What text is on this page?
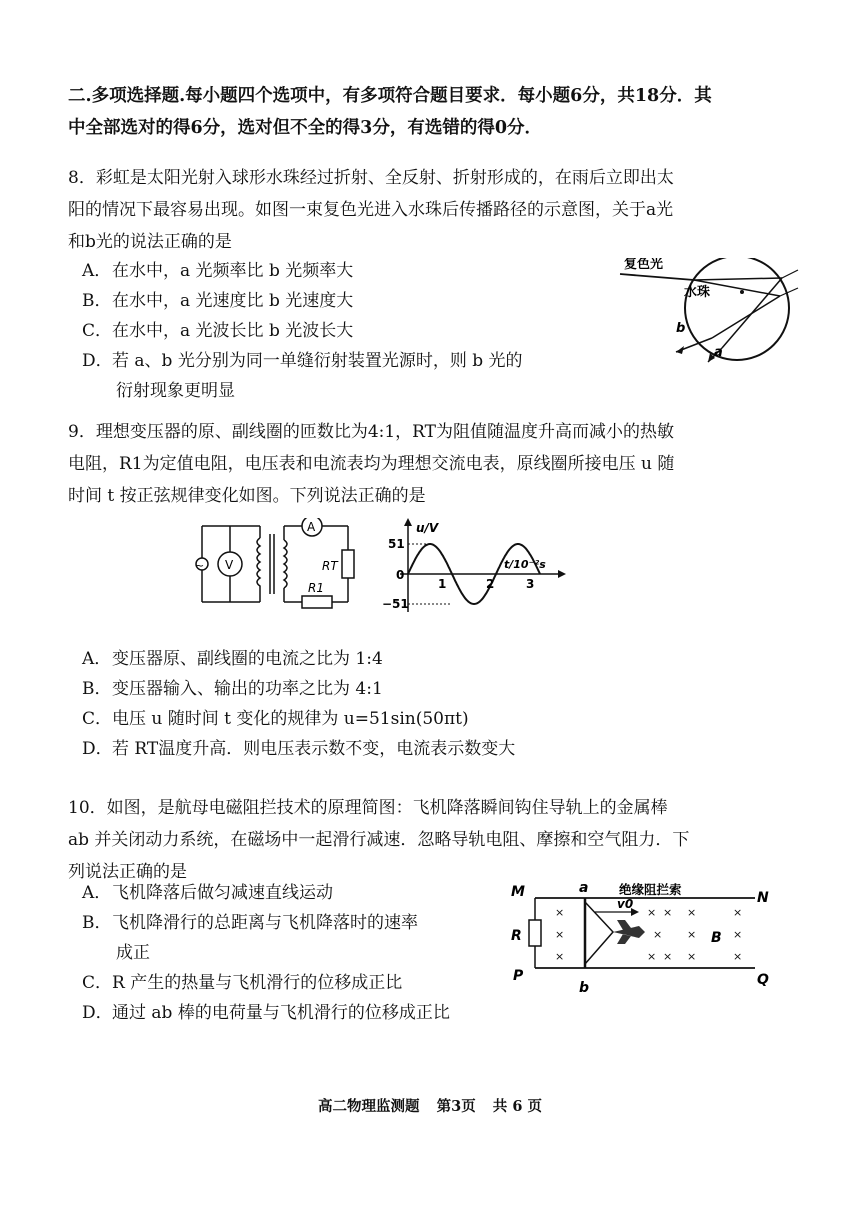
二.多项选择题.每小题四个选项中，有多项符合题目要求．每小题6分，共18分．其
中全部选对的得6分，选对但不全的得3分，有选错的得0分．
8．彩虹是太阳光射入球形水珠经过折射、全反射、折射形成的，在雨后立即出太
阳的情况下最容易出现。如图一束复色光进入水珠后传播路径的示意图，关于a光
和b光的说法正确的是
A．在水中，a 光频率比 b 光频率大
B．在水中，a 光速度比 b 光速度大
C．在水中，a 光波长比 b 光波长大
D．若 a、b 光分别为同一单缝衍射装置光源时，则 b 光的
衍射现象更明显
复色光
水珠
b
a
9．理想变压器的原、副线圈的匝数比为4:1，RT为阻值随温度升高而减小的热敏
电阻，R1为定值电阻，电压表和电流表均为理想交流电表，原线圈所接电压 u 随
时间 t 按正弦规律变化如图。下列说法正确的是
~ V
A
RT
R1
u/V
t/10⁻²s
51
−51
0
1	2	3
A．变压器原、副线圈的电流之比为 1:4
B．变压器输入、输出的功率之比为 4:1
C．电压 u 随时间 t 变化的规律为 u=51sin(50πt)
D．若 RT温度升高．则电压表示数不变，电流表示数变大
10．如图，是航母电磁阻拦技术的原理简图：飞机降落瞬间钩住导轨上的金属棒
ab 并关闭动力系统，在磁场中一起滑行减速．忽略导轨电阻、摩擦和空气阻力．下
列说法正确的是
A．飞机降落后做匀减速直线运动
B．飞机降滑行的总距离与飞机降落时的速率
成正
C．R 产生的热量与飞机滑行的位移成正比
D．通过 ab 棒的电荷量与飞机滑行的位移成正比
×
×
×
×
×
×
×
×
×
×
×
×
×
×
M	N
P	Q
a
b
R	B
v0
绝缘阻拦索
高二物理监测题 第3页 共 6 页
